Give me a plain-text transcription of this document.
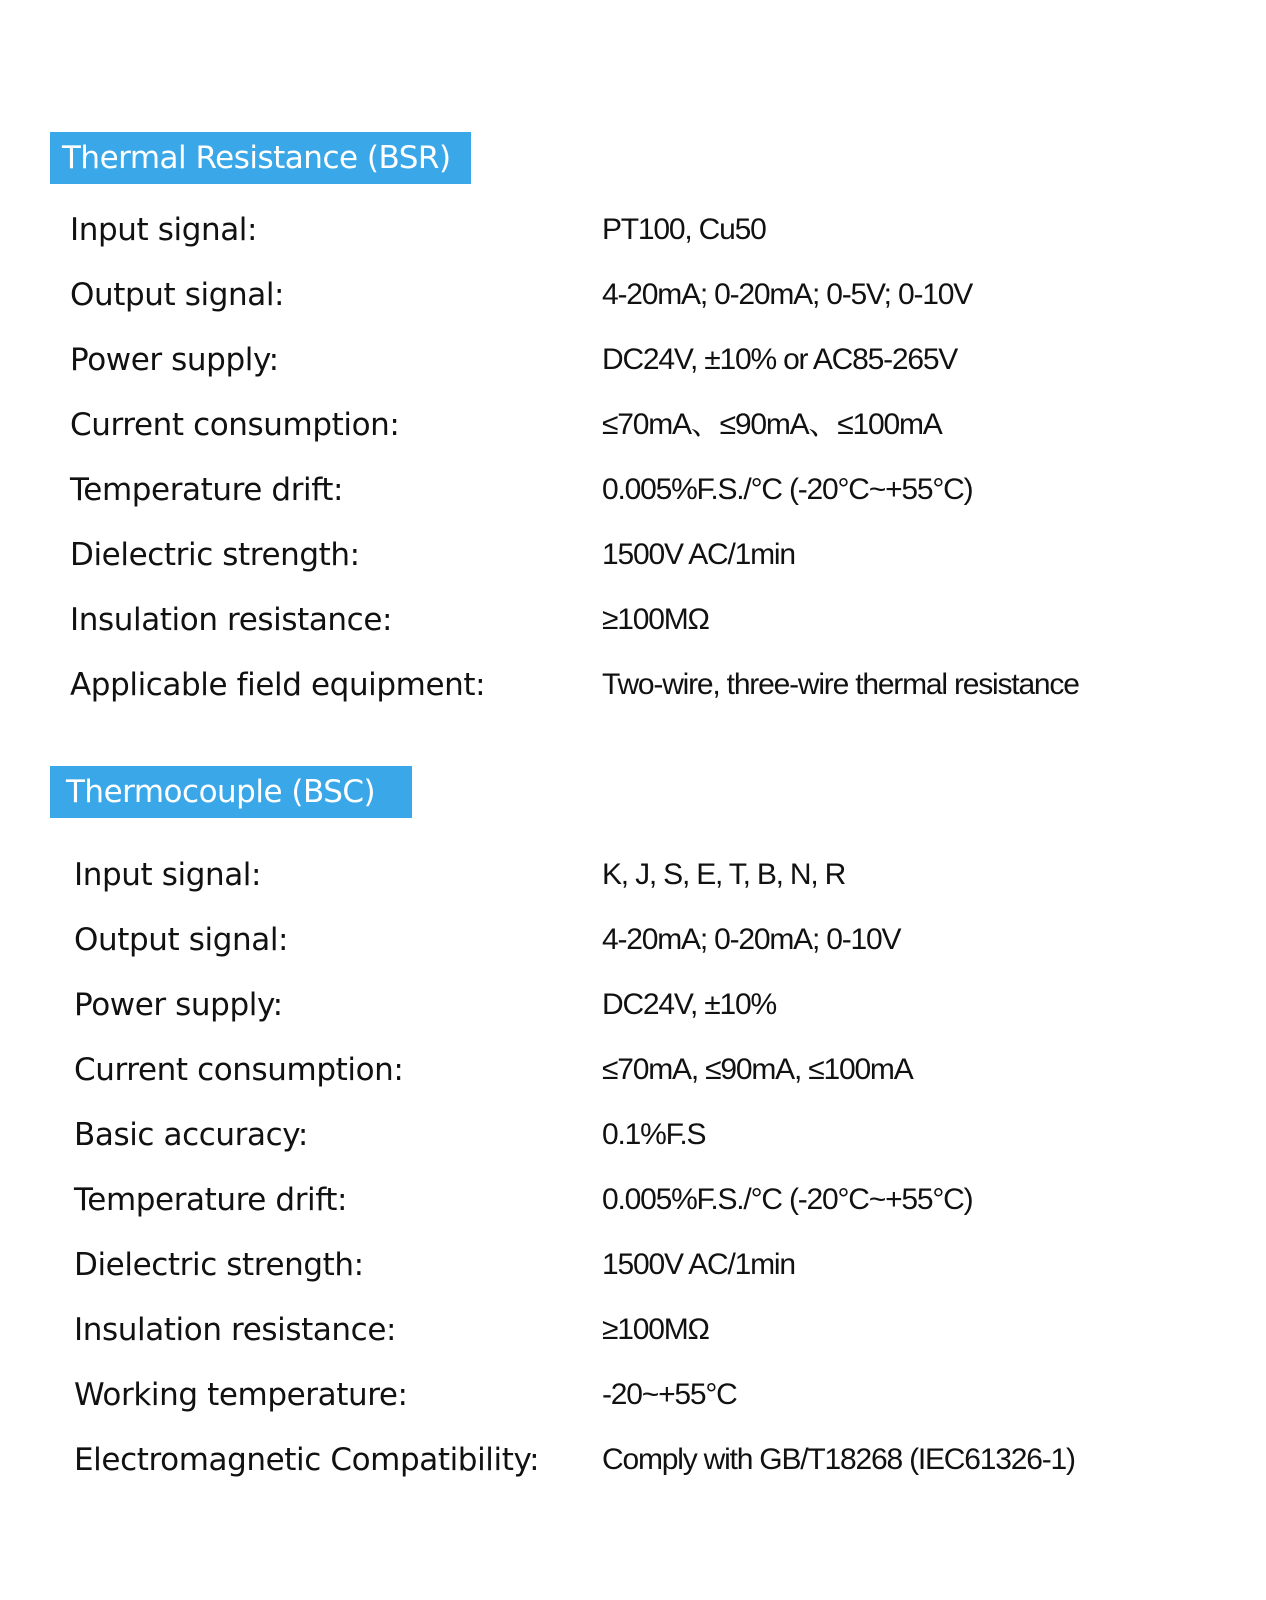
Thermal Resistance (BSR)
Input signal:	PT100, Cu50
Output signal:	4-20mA; 0-20mA; 0-5V; 0-10V
Power supply:	DC24V, ±10% or AC85-265V
Current consumption:	≤70mA、≤90mA、≤100mA
Temperature drift:	0.005%F.S./°C (-20°C~+55°C)
Dielectric strength:	1500V AC/1min
Insulation resistance:	≥100MΩ
Applicable field equipment:	Two-wire, three-wire thermal resistance
Thermocouple (BSC)
Input signal:	K, J, S, E, T, B, N, R
Output signal:	4-20mA; 0-20mA; 0-10V
Power supply:	DC24V, ±10%
Current consumption:	≤70mA, ≤90mA, ≤100mA
Basic accuracy:	0.1%F.S
Temperature drift:	0.005%F.S./°C (-20°C~+55°C)
Dielectric strength:	1500V AC/1min
Insulation resistance:	≥100MΩ
Working temperature:	-20~+55°C
Electromagnetic Compatibility: Comply with GB/T18268 (IEC61326-1)
